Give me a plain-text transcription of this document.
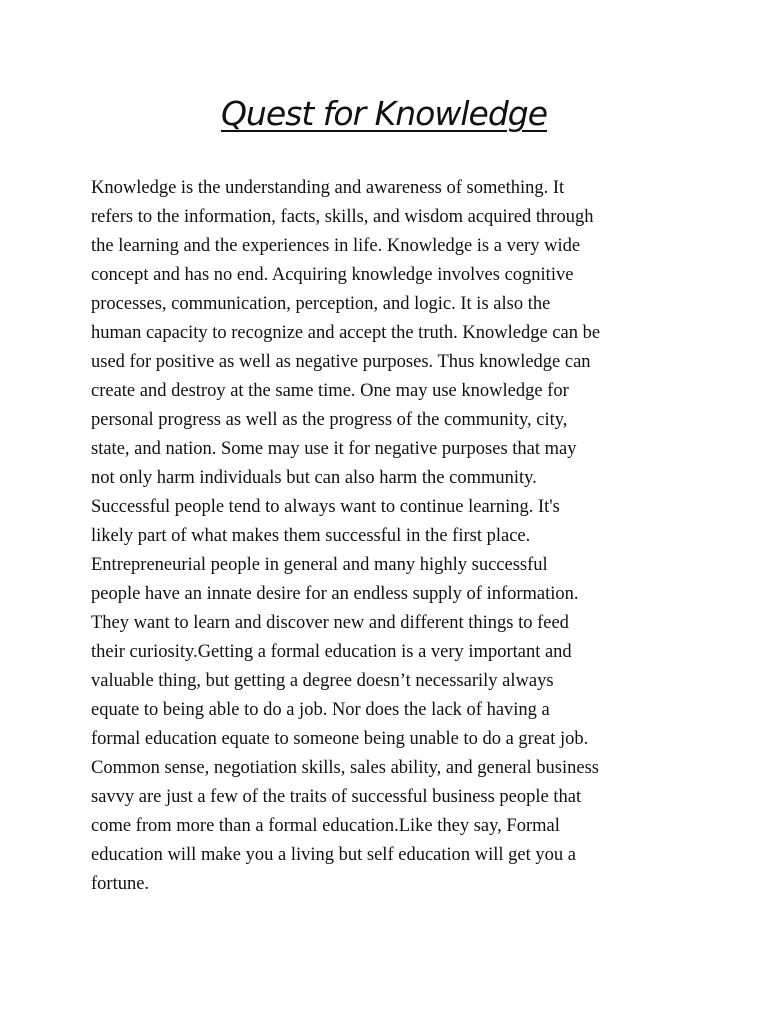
Quest for Knowledge
Knowledge is the understanding and awareness of something. It
refers to the information, facts, skills, and wisdom acquired through
the learning and the experiences in life. Knowledge is a very wide
concept and has no end. Acquiring knowledge involves cognitive
processes, communication, perception, and logic. It is also the
human capacity to recognize and accept the truth. Knowledge can be
used for positive as well as negative purposes. Thus knowledge can
create and destroy at the same time. One may use knowledge for
personal progress as well as the progress of the community, city,
state, and nation. Some may use it for negative purposes that may
not only harm individuals but can also harm the community.
Successful people tend to always want to continue learning. It's
likely part of what makes them successful in the first place.
Entrepreneurial people in general and many highly successful
people have an innate desire for an endless supply of information.
They want to learn and discover new and different things to feed
their curiosity.Getting a formal education is a very important and
valuable thing, but getting a degree doesn’t necessarily always
equate to being able to do a job. Nor does the lack of having a
formal education equate to someone being unable to do a great job.
Common sense, negotiation skills, sales ability, and general business
savvy are just a few of the traits of successful business people that
come from more than a formal education.Like they say, Formal
education will make you a living but self education will get you a
fortune.
